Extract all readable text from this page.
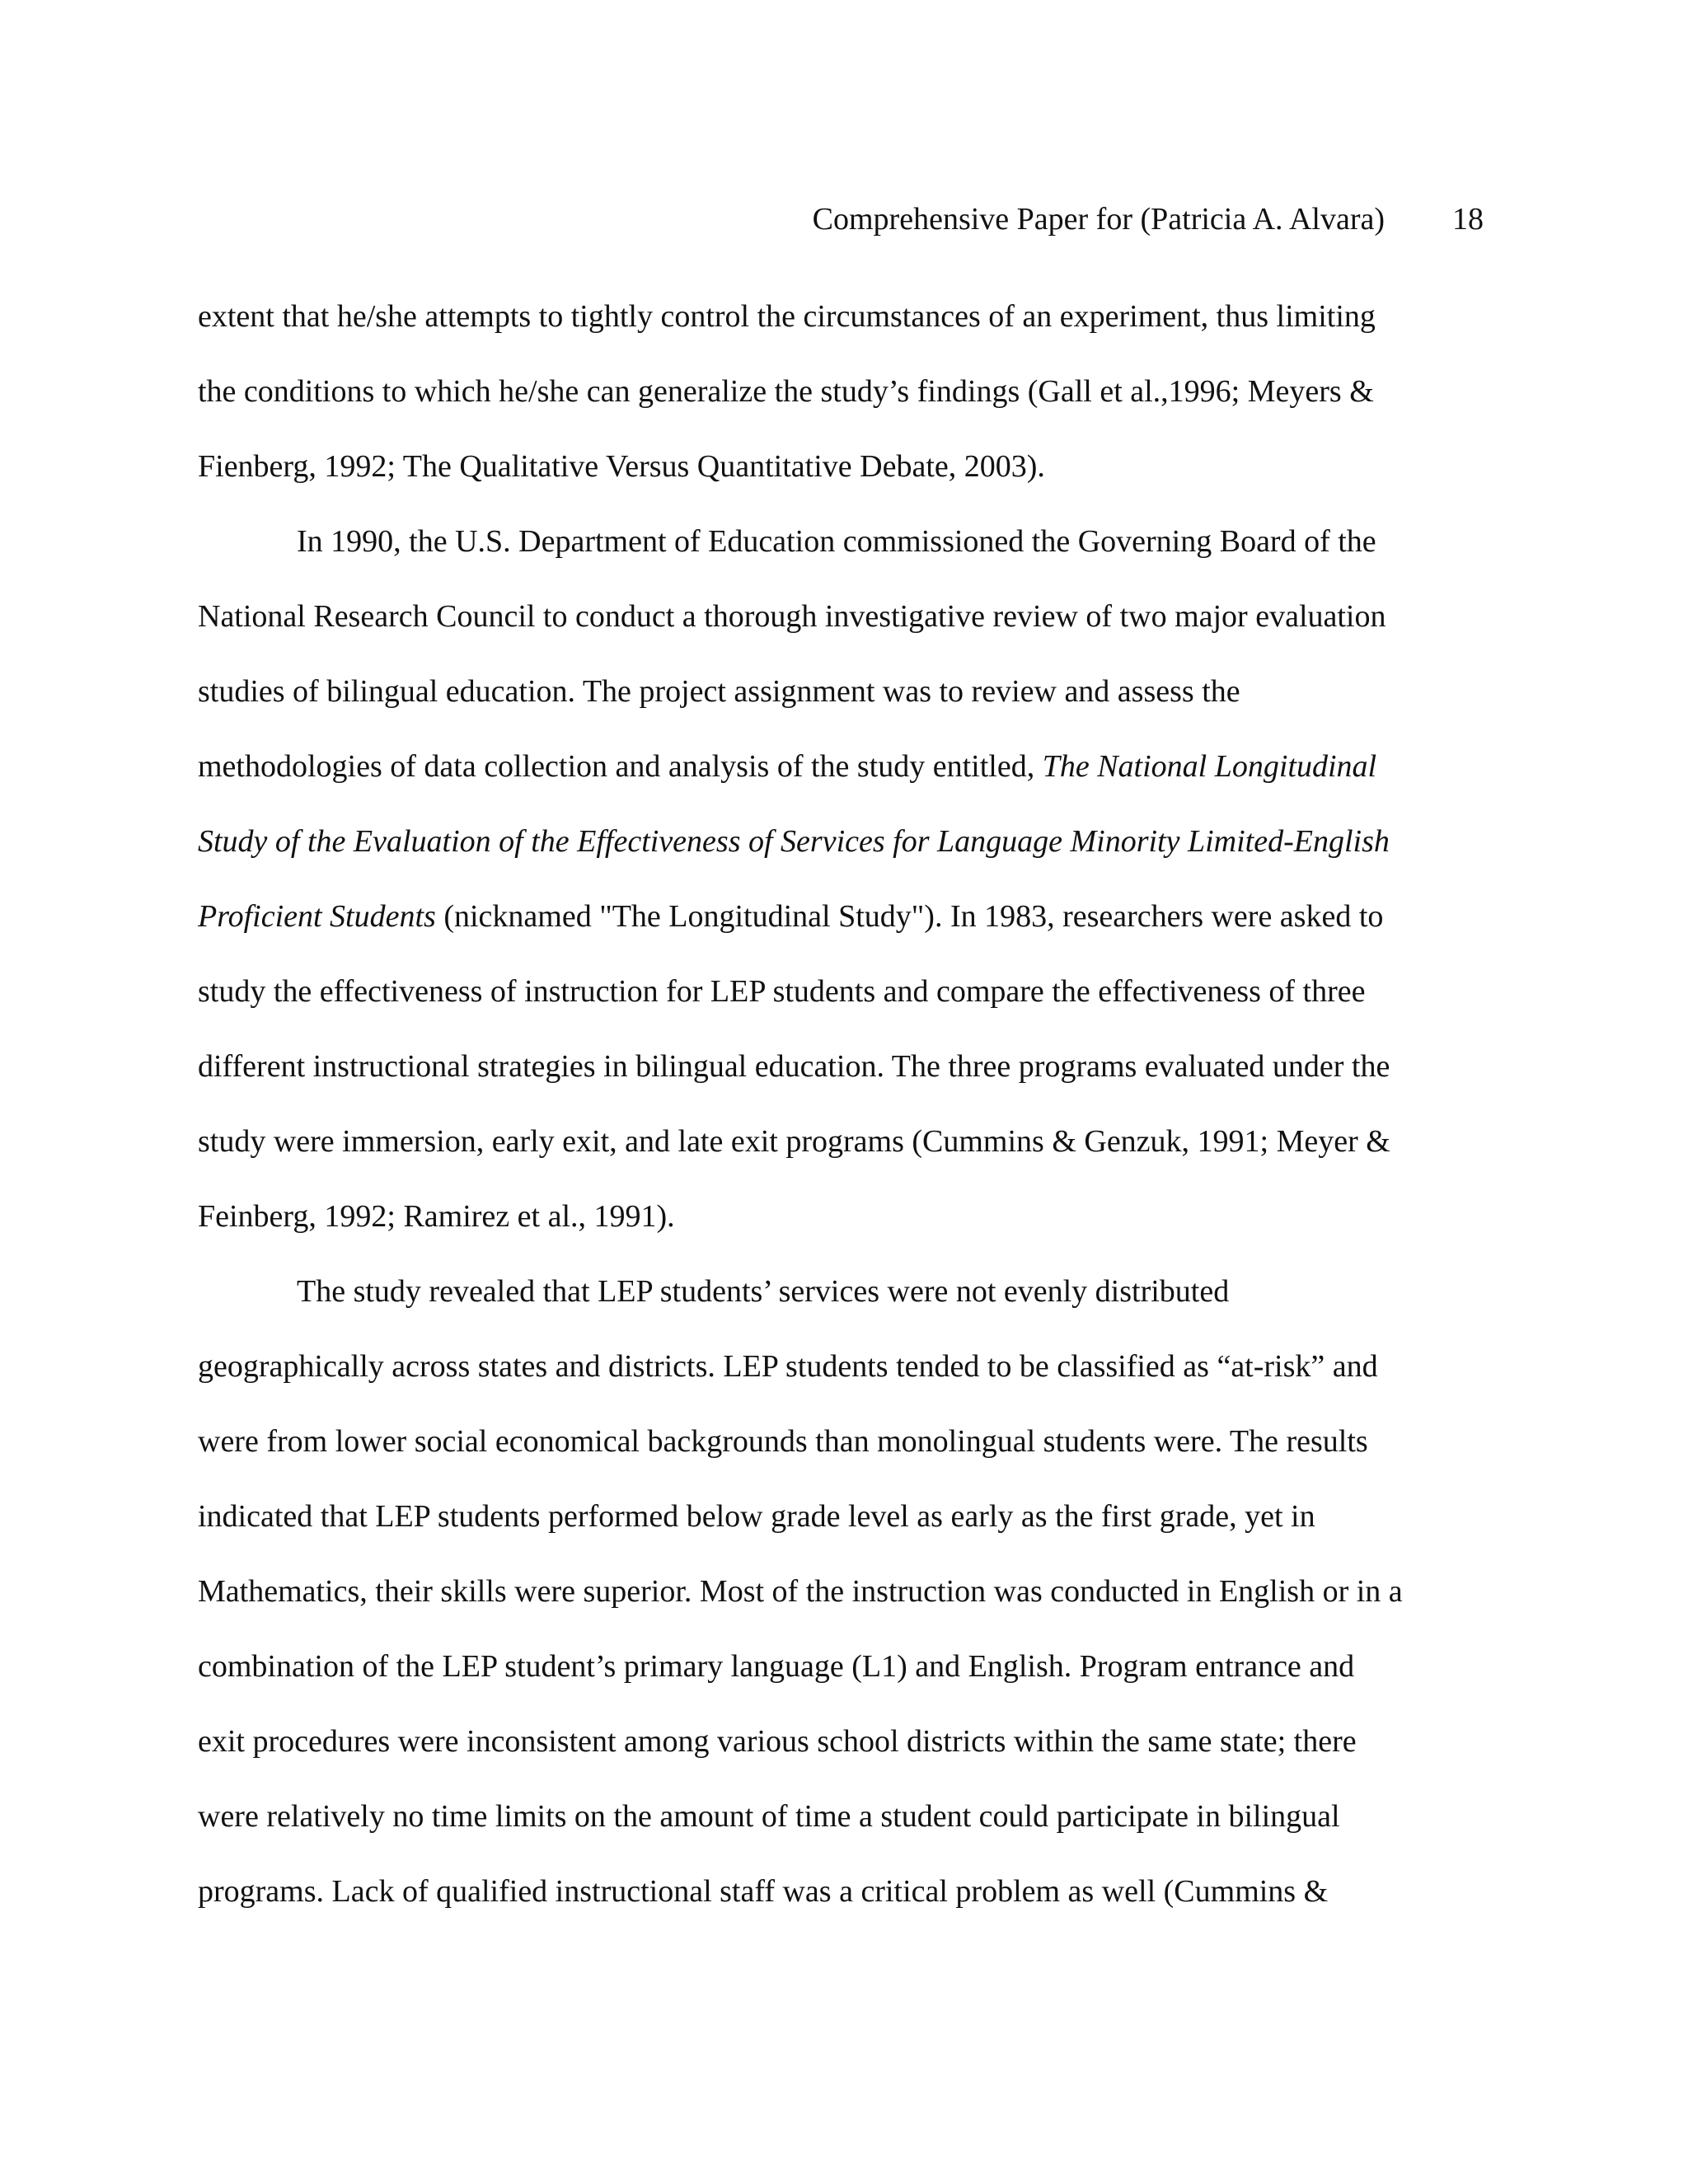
Comprehensive Paper for (Patricia A. Alvara)	18
extent that he/she attempts to tightly control the circumstances of an experiment, thus limiting
the conditions to which he/she can generalize the study’s findings (Gall et al.,1996; Meyers &
Fienberg, 1992; The Qualitative Versus Quantitative Debate, 2003).
In 1990, the U.S. Department of Education commissioned the Governing Board of the
National Research Council to conduct a thorough investigative review of two major evaluation
studies of bilingual education. The project assignment was to review and assess the
methodologies of data collection and analysis of the study entitled, The National Longitudinal
Study of the Evaluation of the Effectiveness of Services for Language Minority Limited-English
Proficient Students (nicknamed "The Longitudinal Study"). In 1983, researchers were asked to
study the effectiveness of instruction for LEP students and compare the effectiveness of three
different instructional strategies in bilingual education. The three programs evaluated under the
study were immersion, early exit, and late exit programs (Cummins & Genzuk, 1991; Meyer &
Feinberg, 1992; Ramirez et al., 1991).
The study revealed that LEP students’ services were not evenly distributed
geographically across states and districts. LEP students tended to be classified as “at-risk” and
were from lower social economical backgrounds than monolingual students were. The results
indicated that LEP students performed below grade level as early as the first grade, yet in
Mathematics, their skills were superior. Most of the instruction was conducted in English or in a
combination of the LEP student’s primary language (L1) and English. Program entrance and
exit procedures were inconsistent among various school districts within the same state; there
were relatively no time limits on the amount of time a student could participate in bilingual
programs. Lack of qualified instructional staff was a critical problem as well (Cummins &
